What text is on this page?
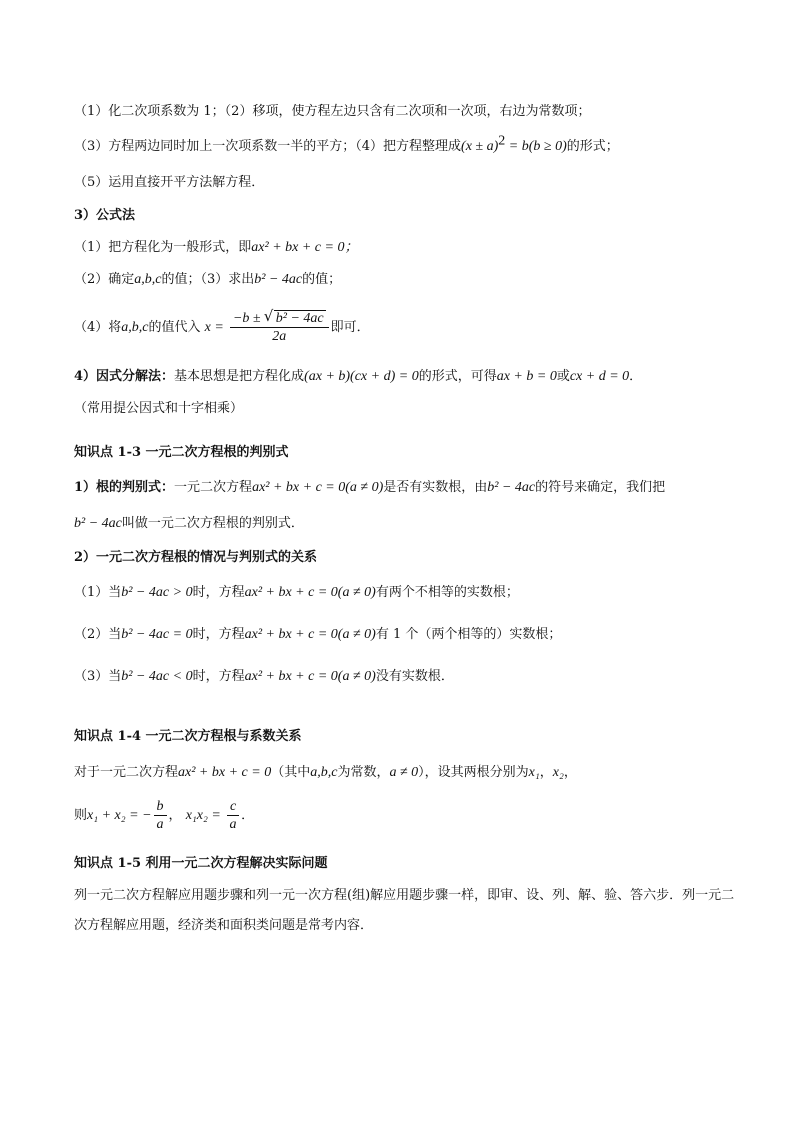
（1）化二次项系数为 1；（2）移项，使方程左边只含有二次项和一次项，右边为常数项；
（3）方程两边同时加上一次项系数一半的平方；（4）把方程整理成$(x \pm a)^2 = b(b \ge 0)$的形式；
（5）运用直接开平方法解方程．
3）公式法
（1）把方程化为一般形式，即ax² + bx + c = 0；
（2）确定a,b,c的值；（3）求出b² − 4ac的值；
（4）将a,b,c的值代入 $x = \frac{\text{−b ± √ b² − 4ac}}{2a}$ 即可．
4）因式分解法：基本思想是把方程化成(ax + b)(cx + d) = 0的形式，可得ax + b = 0或cx + d = 0．
（常用提公因式和十字相乘）
知识点 1-3 一元二次方程根的判别式
1）根的判别式：一元二次方程ax² + bx + c = 0(a ≠ 0)是否有实数根，由b² − 4ac的符号来确定，我们把
b² − 4ac叫做一元二次方程根的判别式．
2）一元二次方程根的情况与判别式的关系
（1）当b² − 4ac > 0时，方程ax² + bx + c = 0(a ≠ 0)有两个不相等的实数根；
（2）当b² − 4ac = 0时，方程ax² + bx + c = 0(a ≠ 0)有 1 个（两个相等的）实数根；
（3）当b² − 4ac < 0时，方程ax² + bx + c = 0(a ≠ 0)没有实数根．
知识点 1-4 一元二次方程根与系数关系
对于一元二次方程ax² + bx + c = 0（其中a,b,c为常数，a ≠ 0），设其两根分别为x₁，x₂，
则x₁ + x₂ = − $\frac{b}{a}$ ， $x_1x_2 = \frac{c}{a}$ ．
知识点 1-5 利用一元二次方程解决实际问题
列一元二次方程解应用题步骤和列一元一次方程(组)解应用题步骤一样，即审、设、列、解、验、答六步．列一元二次方程解应用题，经济类和面积类问题是常考内容．
